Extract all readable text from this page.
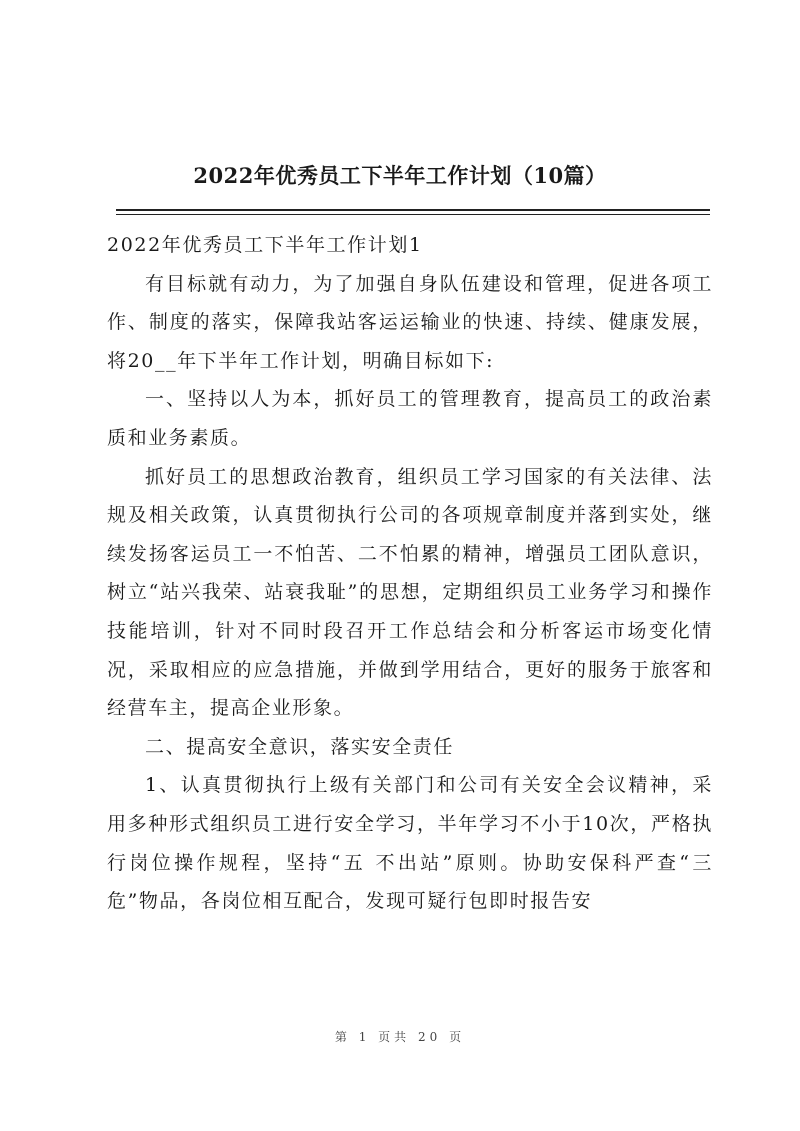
2022年优秀员工下半年工作计划（10篇）

2022年优秀员工下半年工作计划1

有目标就有动力，为了加强自身队伍建设和管理，促进各项工作、制度的落实，保障我站客运运输业的快速、持续、健康发展，将20__年下半年工作计划，明确目标如下:

一、坚持以人为本，抓好员工的管理教育，提高员工的政治素质和业务素质。

抓好员工的思想政治教育，组织员工学习国家的有关法律、法规及相关政策，认真贯彻执行公司的各项规章制度并落到实处，继续发扬客运员工一不怕苦、二不怕累的精神，增强员工团队意识，树立“站兴我荣、站衰我耻”的思想，定期组织员工业务学习和操作技能培训，针对不同时段召开工作总结会和分析客运市场变化情况，采取相应的应急措施，并做到学用结合，更好的服务于旅客和经营车主，提高企业形象。

二、提高安全意识，落实安全责任

1、认真贯彻执行上级有关部门和公司有关安全会议精神，采用多种形式组织员工进行安全学习，半年学习不小于10次，严格执行岗位操作规程，坚持“五 不出站”原则。协助安保科严查“三危”物品，各岗位相互配合，发现可疑行包即时报告安

第 1 页共 20 页
